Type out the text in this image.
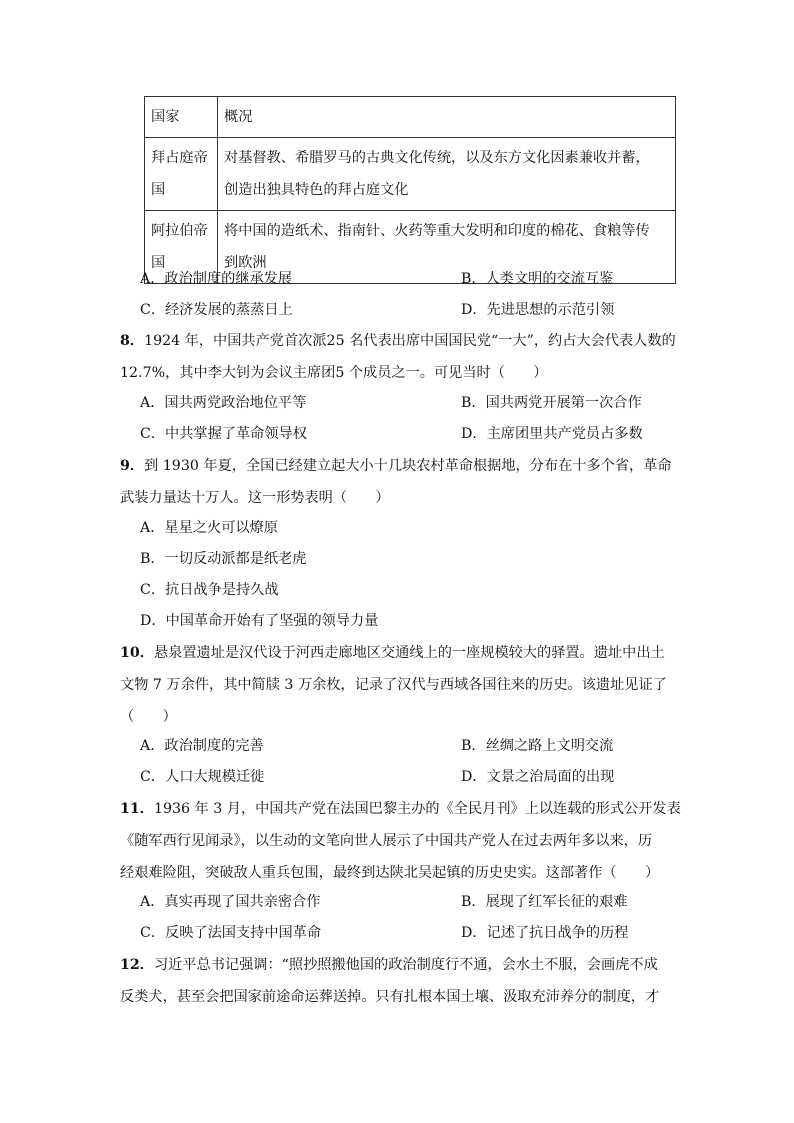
国家	概况
拜占庭帝
国	对基督教、希腊罗马的古典文化传统，以及东方文化因素兼收并蓄，
创造出独具特色的拜占庭文化
阿拉伯帝
国	将中国的造纸术、指南针、火药等重大发明和印度的棉花、食粮等传
到欧洲
A．政治制度的继承发展	B．人类文明的交流互鉴
C．经济发展的蒸蒸日上	D．先进思想的示范引领
8．1924 年，中国共产党首次派25 名代表出席中国国民党“一大”，约占大会代表人数的
12.7%，其中李大钊为会议主席团5 个成员之一。可见当时（　　）
A．国共两党政治地位平等	B．国共两党开展第一次合作
C．中共掌握了革命领导权	D．主席团里共产党员占多数
9．到 1930 年夏，全国已经建立起大小十几块农村革命根据地，分布在十多个省，革命
武装力量达十万人。这一形势表明（　　）
A．星星之火可以燎原
B．一切反动派都是纸老虎
C．抗日战争是持久战
D．中国革命开始有了坚强的领导力量
10．悬泉置遗址是汉代设于河西走廊地区交通线上的一座规模较大的驿置。遗址中出土
文物 7 万余件，其中简牍 3 万余枚，记录了汉代与西域各国往来的历史。该遗址见证了
（　　）
A．政治制度的完善	B．丝绸之路上文明交流
C．人口大规模迁徙	D．文景之治局面的出现
11．1936 年 3 月，中国共产党在法国巴黎主办的《全民月刊》上以连载的形式公开发表
《随军西行见闻录》，以生动的文笔向世人展示了中国共产党人在过去两年多以来，历
经艰难险阻，突破敌人重兵包围，最终到达陕北吴起镇的历史史实。这部著作（　　）
A．真实再现了国共亲密合作	B．展现了红军长征的艰难
C．反映了法国支持中国革命	D．记述了抗日战争的历程
12．习近平总书记强调：“照抄照搬他国的政治制度行不通，会水土不服，会画虎不成
反类犬，甚至会把国家前途命运葬送掉。只有扎根本国土壤、汲取充沛养分的制度，才
